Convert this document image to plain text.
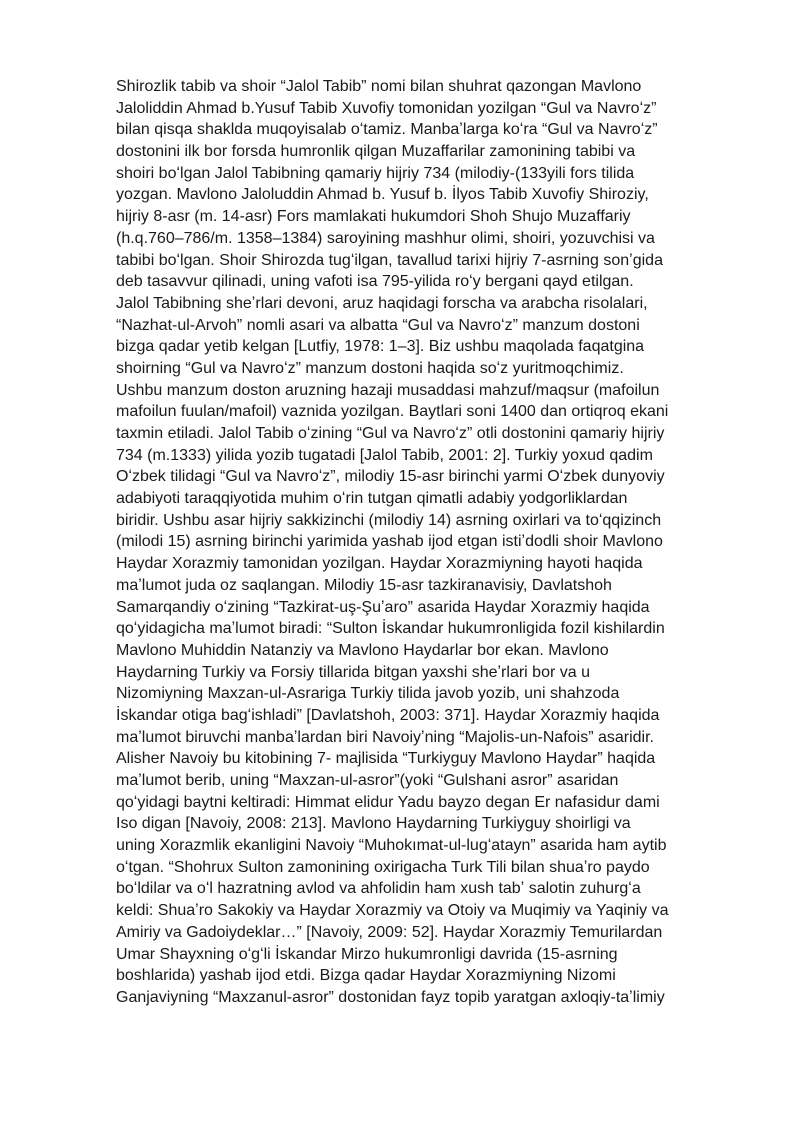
Shirozlik tabib va shoir “Jalol Tabib” nomi bilan shuhrat qazongan Mavlono
Jaloliddin Ahmad b.Yusuf Tabib Xuvofiy tomonidan yozilgan “Gul va Navroʻz”
bilan qisqa shaklda muqoyisalab oʻtamiz. Manbaʼlarga koʻra “Gul va Navroʻz”
dostonini ilk bor forsda humronlik qilgan Muzaffarilar zamonining tabibi va
shoiri boʻlgan Jalol Tabibning qamariy hijriy 734 (milodiy-(133yili fors tilida
yozgan. Mavlono Jaloluddin Ahmad b. Yusuf b. İlyos Tabib Xuvofiy Shiroziy,
hijriy 8-asr (m. 14-asr) Fors mamlakati hukumdori Shoh Shujo Muzaffariy
(h.q.760–786/m. 1358–1384) saroyining mashhur olimi, shoiri, yozuvchisi va
tabibi boʻlgan. Shoir Shirozda tugʻilgan, tavallud tarixi hijriy 7-asrning sonʼgida
deb tasavvur qilinadi, uning vafoti isa 795-yilida roʻy bergani qayd etilgan.
Jalol Tabibning sheʼrlari devoni, aruz haqidagi forscha va arabcha risolalari,
“Nazhat-ul-Arvoh” nomli asari va albatta “Gul va Navroʻz” manzum dostoni
bizga qadar yetib kelgan [Lutfiy, 1978: 1–3]. Biz ushbu maqolada faqatgina
shoirning “Gul va Navroʻz” manzum dostoni haqida soʻz yuritmoqchimiz.
Ushbu manzum doston aruzning hazaji musaddasi mahzuf/maqsur (mafoilun
mafoilun fuulan/mafoil) vaznida yozilgan. Baytlari soni 1400 dan ortiqroq ekani
taxmin etiladi. Jalol Tabib oʻzining “Gul va Navroʻz” otli dostonini qamariy hijriy
734 (m.1333) yilida yozib tugatadi [Jalol Tabib, 2001: 2]. Turkiy yoxud qadim
Oʻzbek tilidagi “Gul va Navroʻz”, milodiy 15-asr birinchi yarmi Oʻzbek dunyoviy
adabiyoti taraqqiyotida muhim oʻrin tutgan qimatli adabiy yodgorliklardan
biridir. Ushbu asar hijriy sakkizinchi (milodiy 14) asrning oxirlari va toʻqqizinch
(milodi 15) asrning birinchi yarimida yashab ijod etgan istiʼdodli shoir Mavlono
Haydar Xorazmiy tamonidan yozilgan. Haydar Xorazmiyning hayoti haqida
maʼlumot juda oz saqlangan. Milodiy 15-asr tazkiranavisiy, Davlatshoh
Samarqandiy oʻzining “Tazkirat-uş-Şuʼaro” asarida Haydar Xorazmiy haqida
qoʻyidagicha maʼlumot biradi: “Sulton İskandar hukumronligida fozil kishilardin
Mavlono Muhiddin Natanziy va Mavlono Haydarlar bor ekan. Mavlono
Haydarning Turkiy va Forsiy tillarida bitgan yaxshi sheʼrlari bor va u
Nizomiyning Maxzan-ul-Asrariga Turkiy tilida javob yozib, uni shahzoda
İskandar otiga bagʻishladi” [Davlatshoh, 2003: 371]. Haydar Xorazmiy haqida
maʼlumot biruvchi manbaʼlardan biri Navoiyʼning “Majolis-un-Nafois” asaridir.
Alisher Navoiy bu kitobining 7- majlisida “Turkiyguy Mavlono Haydar” haqida
maʼlumot berib, uning “Maxzan-ul-asror”(yoki “Gulshani asror” asaridan
qoʻyidagi baytni keltiradi: Himmat elidur Yadu bayzo degan Er nafasidur dami
Iso digan [Navoiy, 2008: 213]. Mavlono Haydarning Turkiyguy shoirligi va
uning Xorazmlik ekanligini Navoiy “Muhokımat-ul-lugʻatayn” asarida ham aytib
oʻtgan. “Shohrux Sulton zamonining oxirigacha Turk Tili bilan shuaʼro paydo
boʻldilar va oʻl hazratning avlod va ahfolidin ham xush tabʼ salotin zuhurgʻa
keldi: Shuaʼro Sakokiy va Haydar Xorazmiy va Otoiy va Muqimiy va Yaqiniy va
Amiriy va Gadoiydeklar…” [Navoiy, 2009: 52]. Haydar Xorazmiy Temurilardan
Umar Shayxning oʻgʻli İskandar Mirzo hukumronligi davrida (15-asrning
boshlarida) yashab ijod etdi. Bizga qadar Haydar Xorazmiyning Nizomi
Ganjaviyning “Maxzanul-asror” dostonidan fayz topib yaratgan axloqiy-taʼlimiy
